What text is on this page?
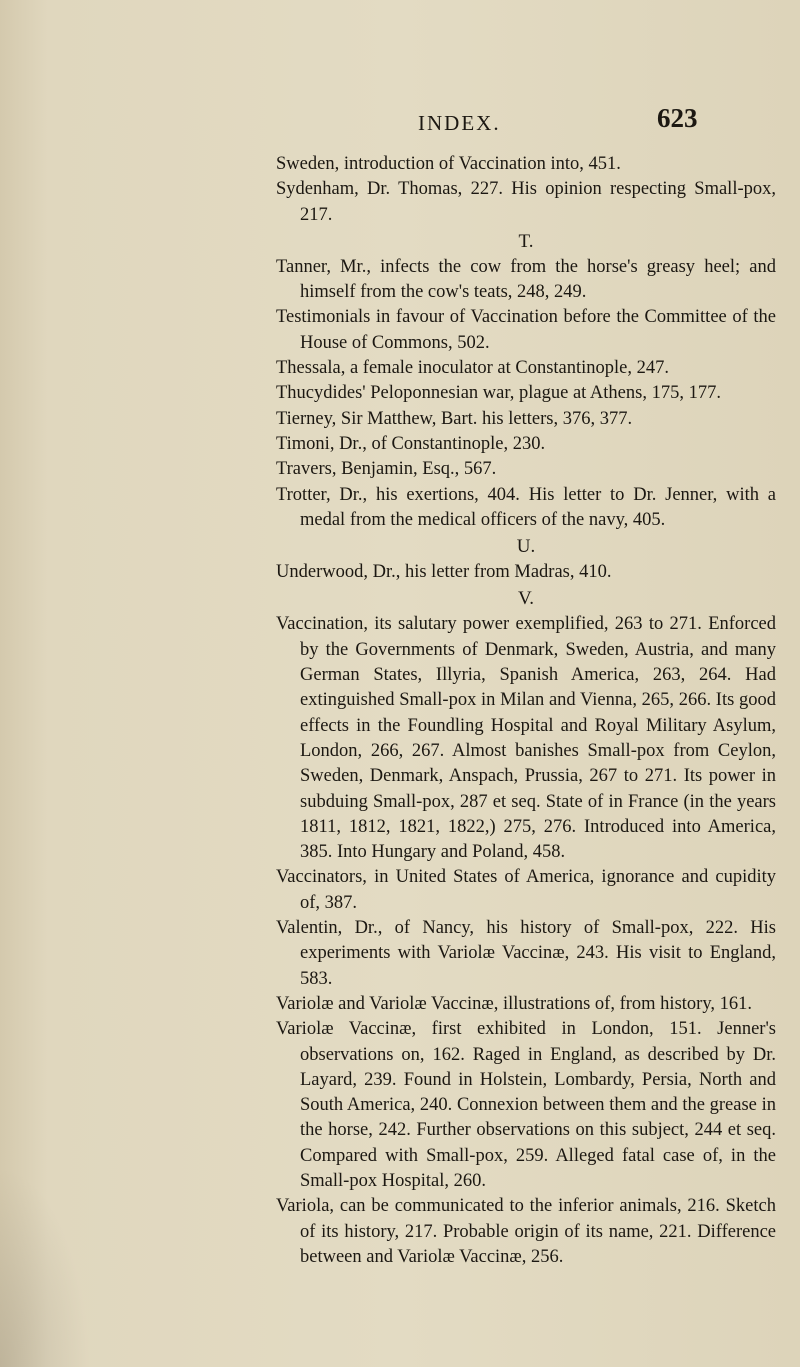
INDEX.	623

Sweden, introduction of Vaccination into, 451.

Sydenham, Dr. Thomas, 227. His opinion respecting Small-pox, 217.

T.

Tanner, Mr., infects the cow from the horse's greasy heel; and himself from the cow's teats, 248, 249.

Testimonials in favour of Vaccination before the Committee of the House of Commons, 502.

Thessala, a female inoculator at Constantinople, 247.

Thucydides' Peloponnesian war, plague at Athens, 175, 177.

Tierney, Sir Matthew, Bart. his letters, 376, 377.

Timoni, Dr., of Constantinople, 230.

Travers, Benjamin, Esq., 567.

Trotter, Dr., his exertions, 404. His letter to Dr. Jenner, with a medal from the medical officers of the navy, 405.

U.

Underwood, Dr., his letter from Madras, 410.

V.

Vaccination, its salutary power exemplified, 263 to 271. Enforced by the Governments of Denmark, Sweden, Austria, and many German States, Illyria, Spanish America, 263, 264. Had extinguished Small-pox in Milan and Vienna, 265, 266. Its good effects in the Foundling Hospital and Royal Military Asylum, London, 266, 267. Almost banishes Small-pox from Ceylon, Sweden, Denmark, Anspach, Prussia, 267 to 271. Its power in subduing Small-pox, 287 et seq. State of in France (in the years 1811, 1812, 1821, 1822,) 275, 276. Introduced into America, 385. Into Hungary and Poland, 458.

Vaccinators, in United States of America, ignorance and cupidity of, 387.

Valentin, Dr., of Nancy, his history of Small-pox, 222. His experiments with Variolæ Vaccinæ, 243. His visit to England, 583.

Variolæ and Variolæ Vaccinæ, illustrations of, from history, 161.

Variolæ Vaccinæ, first exhibited in London, 151. Jenner's observations on, 162. Raged in England, as described by Dr. Layard, 239. Found in Holstein, Lombardy, Persia, North and South America, 240. Connexion between them and the grease in the horse, 242. Further observations on this subject, 244 et seq. Compared with Small-pox, 259. Alleged fatal case of, in the Small-pox Hospital, 260.

Variola, can be communicated to the inferior animals, 216. Sketch of its history, 217. Probable origin of its name, 221. Difference between and Variolæ Vaccinæ, 256.
